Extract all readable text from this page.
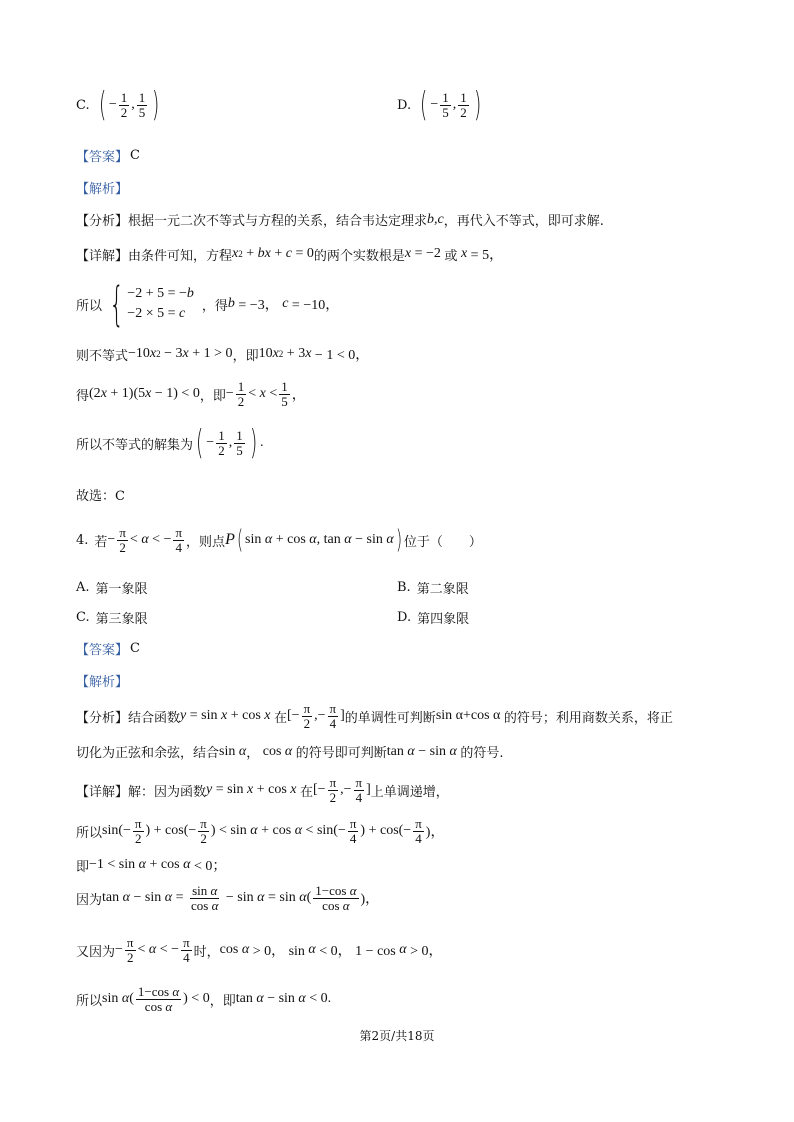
C. ( − $\frac{1}{2}$ , $\frac{1}{5}$ )	D. ( − $\frac{1}{5}$ , $\frac{1}{2}$ )
【答案】 C
【解析】
【分析】 根据一元二次不等式与方程的关系，结合韦达定理求 b,c ，再代入不等式，即可求解.
【详解】 由条件可知，方程 x 2 + bx + c = 0 的两个实数根是 x = −2 或 x = 5，
所以 { −2 + 5 = −b
−2 × 5 = c	，得 b = −3， c = −10，
则不等式 −10 x 2 − 3 x + 1 > 0 ，即 10 x 2 + 3 x − 1 < 0，
得 (2 x + 1)(5 x − 1) < 0 ，即 − $\frac{1}{2} < x < \frac{1}{5}$ ，
所以不等式的解集为 ( − $\frac{1}{2}$ , $\frac{1}{5}$ ) .
故选：C
4. 若 − $\frac{\pi}{2} < \alpha$ < − $\frac{\pi}{4}$ ，则点 P ( sin α + cos α , tan α − sin α ) 位于（　　）
A. 第一象限	B. 第二象限
C. 第三象限	D. 第四象限
【答案】 C
【解析】
【分析】 结合函数 y = sin x + cos x 在 [− $\frac{\pi}{2}$ ,− $\frac{\pi}{4}$ ] 的单调性可判断 sin α+cos α 的符号；利用商数关系，将正
切化为正弦和余弦，结合 sin α ， cos α 的符号即可判断 tan α − sin α 的符号.
【详解】 解：因为函数 y = sin x + cos x 在 [− $\frac{\pi}{2}$ ,− $\frac{\pi}{4}$ ] 上单调递增，
所以 $\sin(- \frac{\pi}{2}$ ) + $\cos(- \frac{\pi}{2}$ ) < $\sin \alpha + \cos \alpha < \sin(- \frac{\pi}{4}$ ) + $\cos(- \frac{\pi}{4}$ )，
即 −1 < sin α + cos α < 0；
因为 $\tan \alpha - \sin \alpha = \frac{\text{sin α}}{\text{cos α}} - \sin \alpha = \sin \alpha$ ( $\frac{\text{1−cos α}}{\text{cos α}}$ )，
又因为 − $\frac{\pi}{2} < \alpha$ < − $\frac{\pi}{4}$ 时， cos α > 0， sin α < 0， 1 − cos α > 0，
所以 sin α ( $\frac{\text{1−cos α}}{\text{cos α}}$ ) < 0 ，即 tan α − sin α < 0.
第2页/共18页
